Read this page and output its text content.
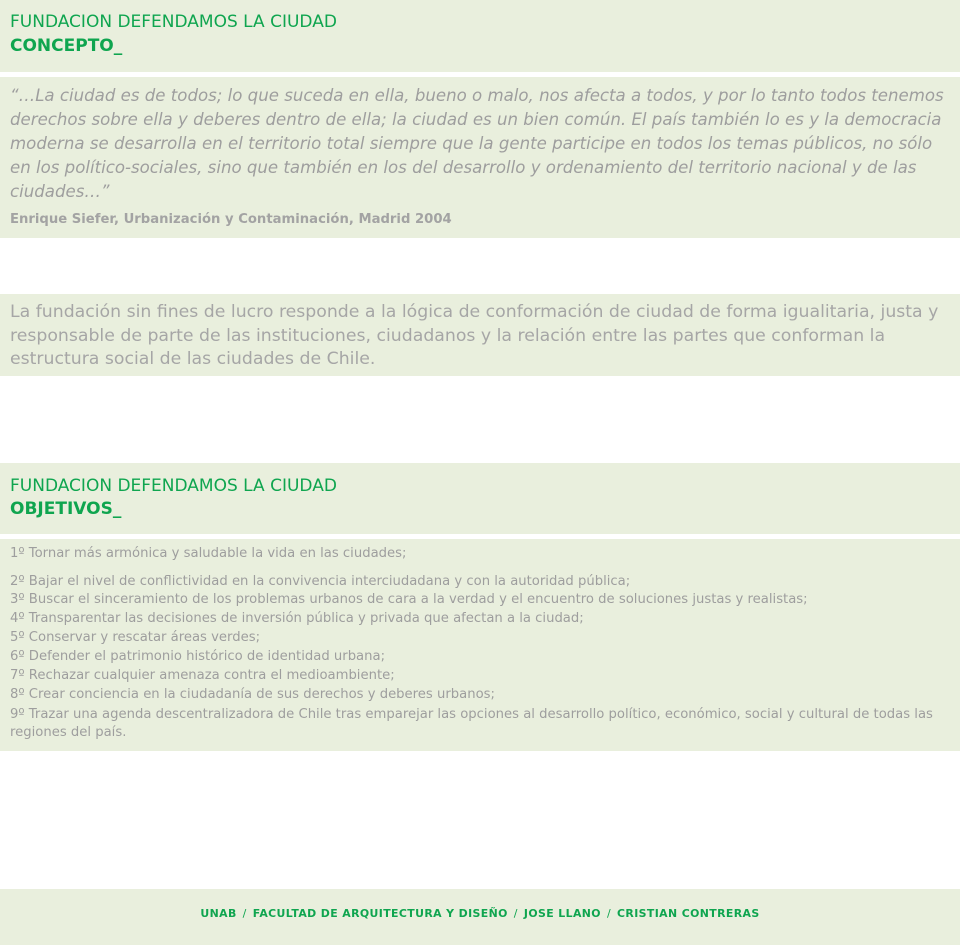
FUNDACION DEFENDAMOS LA CIUDAD
CONCEPTO_
“…La ciudad es de todos; lo que suceda en ella, bueno o malo, nos afecta a todos, y por lo tanto todos tenemos derechos sobre ella y deberes dentro de ella; la ciudad es un bien común. El país también lo es y la democracia moderna se desarrolla en el territorio total siempre que la gente participe en todos los temas públicos, no sólo en los político-sociales, sino que también en los del desarrollo y ordenamiento del territorio nacional y de las ciudades…”
Enrique Siefer, Urbanización y Contaminación, Madrid 2004
La fundación sin fines de lucro responde a la lógica de conformación de ciudad de forma igualitaria, justa y responsable de parte de las instituciones, ciudadanos y la relación entre las partes que conforman la estructura social de las ciudades de Chile.
FUNDACION DEFENDAMOS LA CIUDAD
OBJETIVOS_
1º Tornar más armónica y saludable la vida en las ciudades;
2º Bajar el nivel de conflictividad en la convivencia interciudadana y con la autoridad pública;
3º Buscar el sinceramiento de los problemas urbanos de cara a la verdad y el encuentro de soluciones justas y realistas;
4º Transparentar las decisiones de inversión pública y privada que afectan a la ciudad;
5º Conservar y rescatar áreas verdes;
6º Defender el patrimonio histórico de identidad urbana;
7º Rechazar cualquier amenaza contra el medioambiente;
8º Crear conciencia en la ciudadanía de sus derechos y deberes urbanos;
9º Trazar una agenda descentralizadora de Chile tras emparejar las opciones al desarrollo político, económico, social y cultural de todas las regiones del país.
UNAB / FACULTAD DE ARQUITECTURA Y DISEÑO / JOSE LLANO / CRISTIAN CONTRERAS
